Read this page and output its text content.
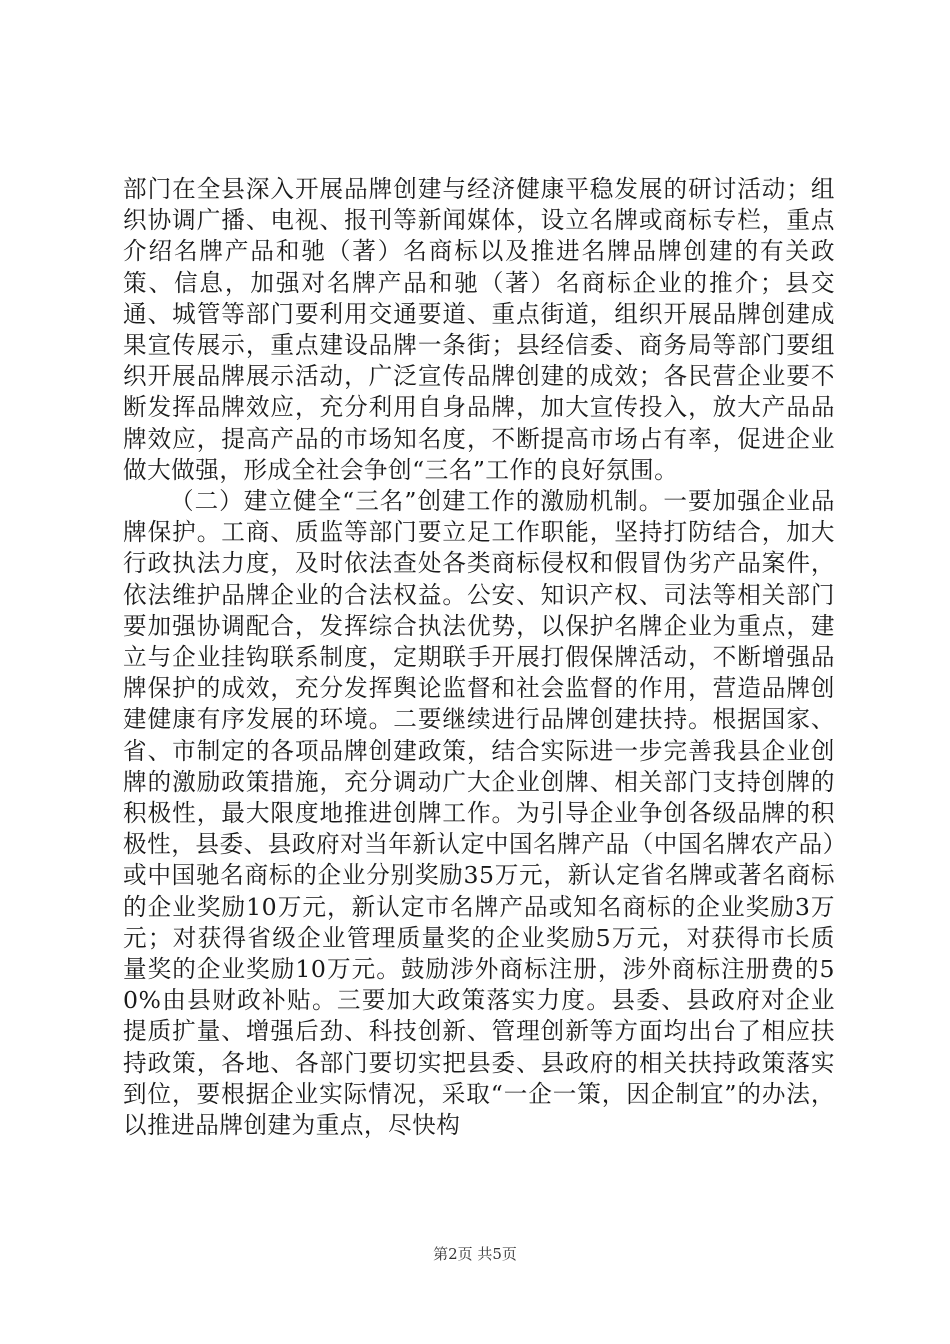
部门在全县深入开展品牌创建与经济健康平稳发展的研讨活动；组织协调广播、电视、报刊等新闻媒体，设立名牌或商标专栏，重点介绍名牌产品和驰（著）名商标以及推进名牌品牌创建的有关政策、信息，加强对名牌产品和驰（著）名商标企业的推介；县交通、城管等部门要利用交通要道、重点街道，组织开展品牌创建成果宣传展示，重点建设品牌一条街；县经信委、商务局等部门要组织开展品牌展示活动，广泛宣传品牌创建的成效；各民营企业要不断发挥品牌效应，充分利用自身品牌，加大宣传投入，放大产品品牌效应，提高产品的市场知名度，不断提高市场占有率，促进企业做大做强，形成全社会争创“三名”工作的良好氛围。

（二）建立健全“三名”创建工作的激励机制。一要加强企业品牌保护。工商、质监等部门要立足工作职能，坚持打防结合，加大行政执法力度，及时依法查处各类商标侵权和假冒伪劣产品案件，依法维护品牌企业的合法权益。公安、知识产权、司法等相关部门要加强协调配合，发挥综合执法优势，以保护名牌企业为重点，建立与企业挂钩联系制度，定期联手开展打假保牌活动，不断增强品牌保护的成效，充分发挥舆论监督和社会监督的作用，营造品牌创建健康有序发展的环境。二要继续进行品牌创建扶持。根据国家、省、市制定的各项品牌创建政策，结合实际进一步完善我县企业创牌的激励政策措施，充分调动广大企业创牌、相关部门支持创牌的积极性，最大限度地推进创牌工作。为引导企业争创各级品牌的积极性，县委、县政府对当年新认定中国名牌产品（中国名牌农产品）或中国驰名商标的企业分别奖励35万元，新认定省名牌或著名商标的企业奖励10万元，新认定市名牌产品或知名商标的企业奖励3万元；对获得省级企业管理质量奖的企业奖励5万元，对获得市长质量奖的企业奖励10万元。鼓励涉外商标注册，涉外商标注册费的50%由县财政补贴。三要加大政策落实力度。县委、县政府对企业提质扩量、增强后劲、科技创新、管理创新等方面均出台了相应扶持政策，各地、各部门要切实把县委、县政府的相关扶持政策落实到位，要根据企业实际情况，采取“一企一策，因企制宜”的办法，以推进品牌创建为重点，尽快构

第2页 共5页
